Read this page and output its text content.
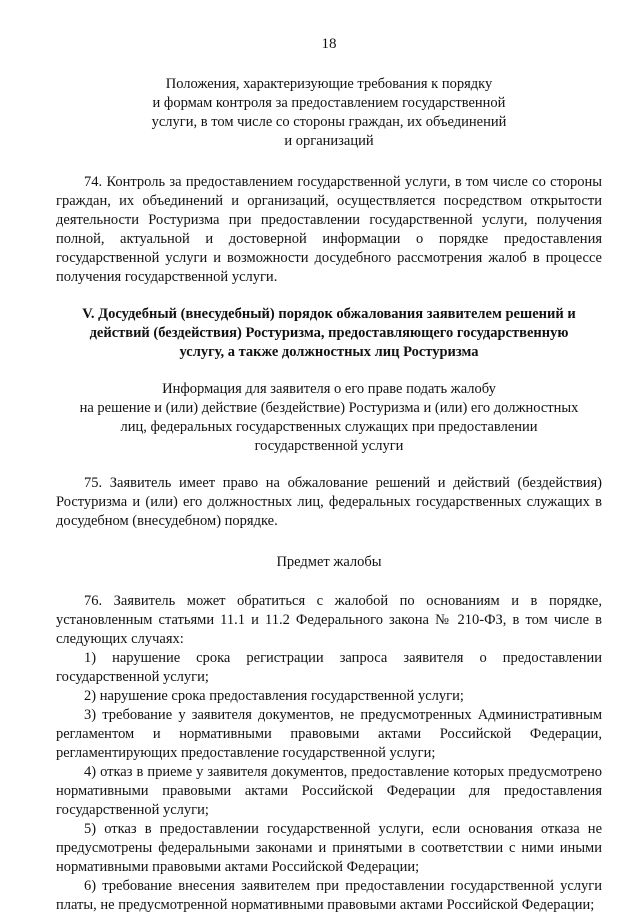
18
Положения, характеризующие требования к порядку
и формам контроля за предоставлением государственной
услуги, в том числе со стороны граждан, их объединений
и организаций

74. Контроль за предоставлением государственной услуги, в том числе со стороны граждан, их объединений и организаций, осуществляется посредством открытости деятельности Ростуризма при предоставлении государственной услуги, получения полной, актуальной и достоверной информации о порядке предоставления государственной услуги и возможности досудебного рассмотрения жалоб в процессе получения государственной услуги.

V. Досудебный (внесудебный) порядок обжалования заявителем решений и
действий (бездействия) Ростуризма, предоставляющего государственную
услугу, а также должностных лиц Ростуризма
Информация для заявителя о его праве подать жалобу
на решение и (или) действие (бездействие) Ростуризма и (или) его должностных
лиц, федеральных государственных служащих при предоставлении
государственной услуги

75. Заявитель имеет право на обжалование решений и действий (бездействия) Ростуризма и (или) его должностных лиц, федеральных государственных служащих в досудебном (внесудебном) порядке.

Предмет жалобы

76. Заявитель может обратиться с жалобой по основаниям и в порядке, установленным статьями 11.1 и 11.2 Федерального закона № 210-ФЗ, в том числе в следующих случаях:

1) нарушение срока регистрации запроса заявителя о предоставлении государственной услуги;

2) нарушение срока предоставления государственной услуги;

3) требование у заявителя документов, не предусмотренных Административным регламентом и нормативными правовыми актами Российской Федерации, регламентирующих предоставление государственной услуги;

4) отказ в приеме у заявителя документов, предоставление которых предусмотрено нормативными правовыми актами Российской Федерации для предоставления государственной услуги;

5) отказ в предоставлении государственной услуги, если основания отказа не предусмотрены федеральными законами и принятыми в соответствии с ними иными нормативными правовыми актами Российской Федерации;

6) требование внесения заявителем при предоставлении государственной услуги платы, не предусмотренной нормативными правовыми актами Российской Федерации;
